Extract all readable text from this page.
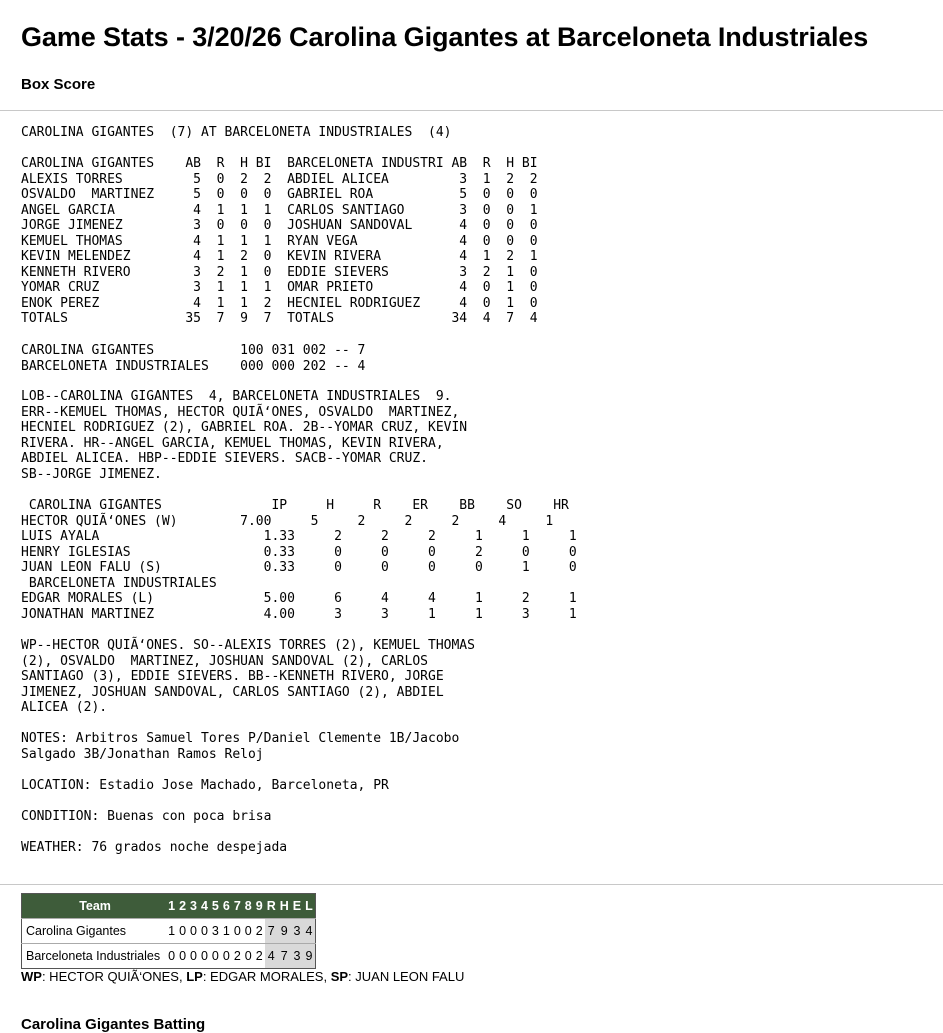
Game Stats - 3/20/26 Carolina Gigantes at Barceloneta Industriales
Box Score
CAROLINA GIGANTES  (7) AT BARCELONETA INDUSTRIALES  (4)
CAROLINA GIGANTES    AB  R  H BI  BARCELONETA INDUSTRI AB  R  H BI
ALEXIS TORRES         5  0  2  2  ABDIEL ALICEA         3  1  2  2
OSVALDO  MARTINEZ     5  0  0  0  GABRIEL ROA           5  0  0  0
ANGEL GARCIA          4  1  1  1  CARLOS SANTIAGO       3  0  0  1
JORGE JIMENEZ         3  0  0  0  JOSHUAN SANDOVAL      4  0  0  0
KEMUEL THOMAS         4  1  1  1  RYAN VEGA             4  0  0  0
KEVIN MELENDEZ        4  1  2  0  KEVIN RIVERA          4  1  2  1
KENNETH RIVERO        3  2  1  0  EDDIE SIEVERS         3  2  1  0
YOMAR CRUZ            3  1  1  1  OMAR PRIETO           4  0  1  0
ENOK PEREZ            4  1  1  2  HECNIEL RODRIGUEZ     4  0  1  0
TOTALS               35  7  9  7  TOTALS               34  4  7  4
CAROLINA GIGANTES           100 031 002 -- 7
BARCELONETA INDUSTRIALES    000 000 202 -- 4
LOB--CAROLINA GIGANTES  4, BARCELONETA INDUSTRIALES  9.
ERR--KEMUEL THOMAS, HECTOR QUIÃ‘ONES, OSVALDO  MARTINEZ,
HECNIEL RODRIGUEZ (2), GABRIEL ROA. 2B--YOMAR CRUZ, KEVIN
RIVERA. HR--ANGEL GARCIA, KEMUEL THOMAS, KEVIN RIVERA,
ABDIEL ALICEA. HBP--EDDIE SIEVERS. SACB--YOMAR CRUZ.
SB--JORGE JIMENEZ.
CAROLINA GIGANTES              IP     H     R    ER    BB    SO    HR
HECTOR QUIÃ‘ONES (W)        7.00     5     2     2     2     4     1
LUIS AYALA                     1.33     2     2     2     1     1     1
HENRY IGLESIAS                 0.33     0     0     0     2     0     0
JUAN LEON FALU (S)             0.33     0     0     0     0     1     0
BARCELONETA INDUSTRIALES
EDGAR MORALES (L)              5.00     6     4     4     1     2     1
JONATHAN MARTINEZ              4.00     3     3     1     1     3     1
WP--HECTOR QUIÃ‘ONES. SO--ALEXIS TORRES (2), KEMUEL THOMAS
(2), OSVALDO  MARTINEZ, JOSHUAN SANDOVAL (2), CARLOS
SANTIAGO (3), EDDIE SIEVERS. BB--KENNETH RIVERO, JORGE
JIMENEZ, JOSHUAN SANDOVAL, CARLOS SANTIAGO (2), ABDIEL
ALICEA (2).
NOTES: Arbitros Samuel Tores P/Daniel Clemente 1B/Jacobo
Salgado 3B/Jonathan Ramos Reloj
LOCATION: Estadio Jose Machado, Barceloneta, PR
CONDITION: Buenas con poca brisa
WEATHER: 76 grados noche despejada
Team	1	2	3	4	5	6	7	8	9	R	H	E	L
Carolina Gigantes	1	0	0	0	3	1	0	0	2	7	9	3	4
Barceloneta Industriales	0	0	0	0	0	0	2	0	2	4	7	3	9

WP: HECTOR QUIÃ‘ONES, LP: EDGAR MORALES, SP: JUAN LEON FALU

Carolina Gigantes Batting
